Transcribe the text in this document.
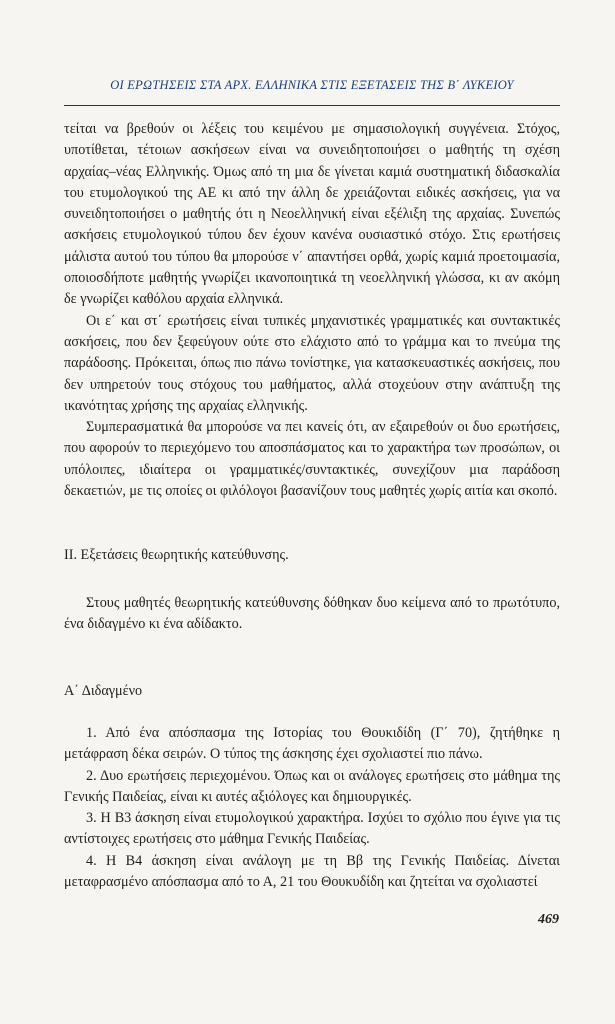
ΟΙ ΕΡΩΤΗΣΕΙΣ ΣΤΑ ΑΡΧ. ΕΛΛΗΝΙΚΑ ΣΤΙΣ ΕΞΕΤΑΣΕΙΣ ΤΗΣ Β΄ ΛΥΚΕΙΟΥ

τείται να βρεθούν οι λέξεις του κειμένου με σημασιολογική συγγένεια. Στόχος, υποτίθεται, τέτοιων ασκήσεων είναι να συνειδητοποιήσει ο μαθητής τη σχέση αρχαίας–νέας Ελληνικής. Όμως από τη μια δε γίνεται καμιά συστηματική διδασκαλία του ετυμολογικού της ΑΕ κι από την άλλη δε χρειάζονται ειδικές ασκήσεις, για να συνειδητοποιήσει ο μαθητής ότι η Νεοελληνική είναι εξέλιξη της αρχαίας. Συνεπώς ασκήσεις ετυμολογικού τύπου δεν έχουν κανένα ουσιαστικό στόχο. Στις ερωτήσεις μάλιστα αυτού του τύπου θα μπορούσε ν΄ απαντήσει ορθά, χωρίς καμιά προετοιμασία, οποιοσδήποτε μαθητής γνωρίζει ικανοποιητικά τη νεοελληνική γλώσσα, κι αν ακόμη δε γνωρίζει καθόλου αρχαία ελληνικά.

Οι ε΄ και στ΄ ερωτήσεις είναι τυπικές μηχανιστικές γραμματικές και συντακτικές ασκήσεις, που δεν ξεφεύγουν ούτε στο ελάχιστο από το γράμμα και το πνεύμα της παράδοσης. Πρόκειται, όπως πιο πάνω τονίστηκε, για κατασκευαστικές ασκήσεις, που δεν υπηρετούν τους στόχους του μαθήματος, αλλά στοχεύουν στην ανάπτυξη της ικανότητας χρήσης της αρχαίας ελληνικής.

Συμπερασματικά θα μπορούσε να πει κανείς ότι, αν εξαιρεθούν οι δυο ερωτήσεις, που αφορούν το περιεχόμενο του αποσπάσματος και το χαρακτήρα των προσώπων, οι υπόλοιπες, ιδιαίτερα οι γραμματικές/συντακτικές, συνεχίζουν μια παράδοση δεκαετιών, με τις οποίες οι φιλόλογοι βασανίζουν τους μαθητές χωρίς αιτία και σκοπό.

ΙΙ. Εξετάσεις θεωρητικής κατεύθυνσης.

Στους μαθητές θεωρητικής κατεύθυνσης δόθηκαν δυο κείμενα από το πρωτότυπο, ένα διδαγμένο κι ένα αδίδακτο.

Α΄ Διδαγμένο

1. Από ένα απόσπασμα της Ιστορίας του Θουκιδίδη (Γ΄ 70), ζητήθηκε η μετάφραση δέκα σειρών. Ο τύπος της άσκησης έχει σχολιαστεί πιο πάνω.

2. Δυο ερωτήσεις περιεχομένου. Όπως και οι ανάλογες ερωτήσεις στο μάθημα της Γενικής Παιδείας, είναι κι αυτές αξιόλογες και δημιουργικές.

3. Η Β3 άσκηση είναι ετυμολογικού χαρακτήρα. Ισχύει το σχόλιο που έγινε για τις αντίστοιχες ερωτήσεις στο μάθημα Γενικής Παιδείας.

4. Η Β4 άσκηση είναι ανάλογη με τη Ββ της Γενικής Παιδείας. Δίνεται μεταφρασμένο απόσπασμα από το Α, 21 του Θουκυδίδη και ζητείται να σχολιαστεί

469
